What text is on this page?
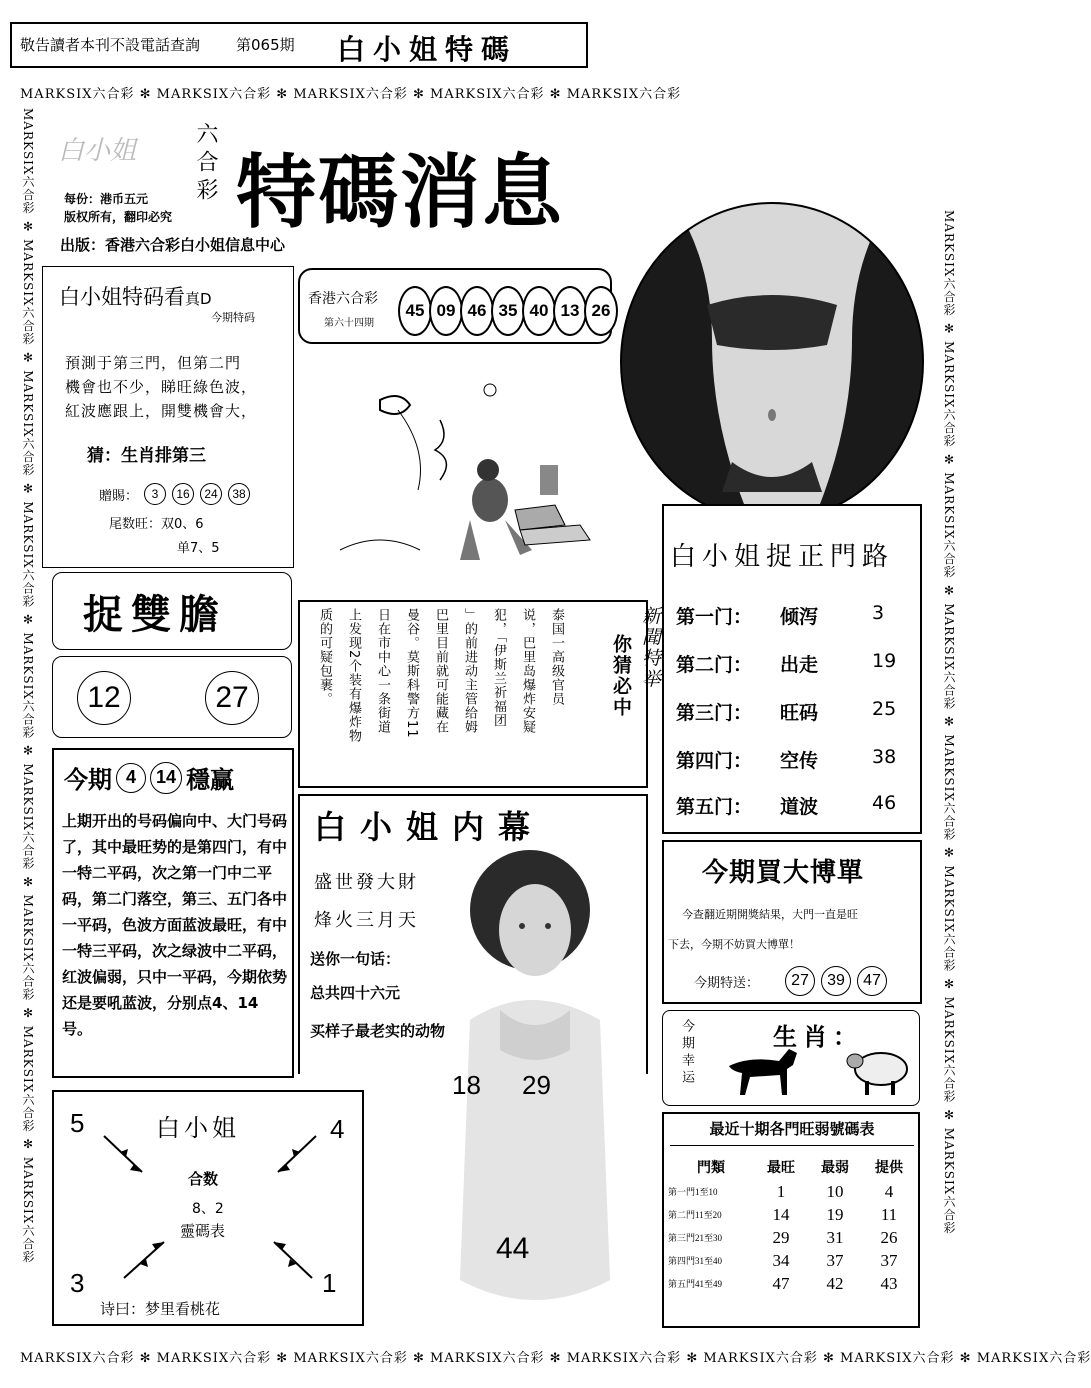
敬告讀者本刊不設電話查詢 第065期 白小姐特碼
MARKSIX六合彩 ✻ MARKSIX六合彩 ✻ MARKSIX六合彩 ✻ MARKSIX六合彩 ✻ MARKSIX六合彩
MARKSIX六合彩 ✻ MARKSIX六合彩 ✻ MARKSIX六合彩 ✻ MARKSIX六合彩 ✻ MARKSIX六合彩 ✻ MARKSIX六合彩 ✻ MARKSIX六合彩 ✻ MARKSIX六合彩
MARKSIX六合彩 ✻ MARKSIX六合彩 ✻ MARKSIX六合彩 ✻ MARKSIX六合彩 ✻ MARKSIX六合彩 ✻ MARKSIX六合彩 ✻ MARKSIX六合彩 ✻ MARKSIX六合彩 ✻ MARKSIX六合彩
MARKSIX六合彩 ✻ MARKSIX六合彩 ✻ MARKSIX六合彩 ✻ MARKSIX六合彩 ✻ MARKSIX六合彩 ✻ MARKSIX六合彩 ✻ MARKSIX六合彩 ✻ MARKSIX六合彩
白小姐	六合彩 特碼消息
每份：港币五元
版权所有，翻印必究
出版：香港六合彩白小姐信息中心
白小姐特码看真D
今期特码
預測于第三門，但第二門
機會也不少，睇旺綠色波，
紅波應跟上，開雙機會大，
猜：生肖排第三
贈賜：	3	16	24	38
尾数旺：双0、6
单7、5
香港六合彩
第六十四期
45 09 46 35 40 13 26
捉雙膽
12	27
新聞特举
你猜必中
泰国一高级官员
说，巴里岛爆炸安疑
犯，「伊斯兰祈福团
」的前进动主管给姆
巴里目前就可能藏在
曼谷。莫斯科警方11
日在市中心一条街道
上发现2个装有爆炸物
质的可疑包裹。
今期 4	14 穩赢
上期开出的号码偏向中、大门号码了，其中最旺势的是第四门，有中一特二平码，次之第一门中二平码，第二门落空，第三、五门各中一平码，色波方面蓝波最旺，有中一特三平码，次之绿波中二平码，红波偏弱，只中一平码，今期依势还是要吼蓝波，分别点4、14号。
白小姐内幕
盛世發大財
烽火三月天
送你一句话：
总共四十六元
买样子最老实的动物
18 29
44
5	4
3	1
白小姐
合数
8、2
靈碼表
诗曰：梦里看桃花
白小姐捉正門路
第一门：	倾泻	3
第二门：	出走	19
第三门：	旺码	25
第四门：	空传	38
第五门：	道波	46
今期買大博單
今查翻近期開獎結果，大門一直是旺
下去，今期不妨買大博單！
今期特送：	27	39	47
今期幸运	生肖：
最近十期各門旺弱號碼表
門類	最旺	最弱	提供
第一門1至10	1	10	4
第二門11至20	14	19	11
第三門21至30	29	31	26
第四門31至40	34	37	37
第五門41至49	47	42	43
